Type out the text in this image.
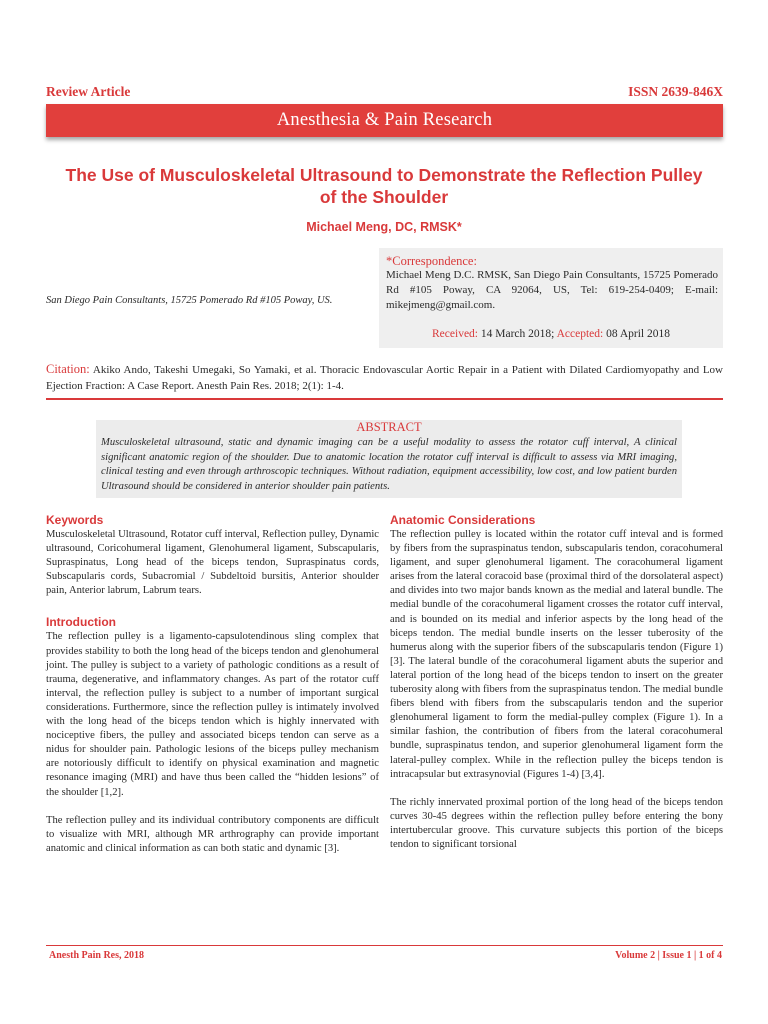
Review Article	ISSN 2639-846X
Anesthesia & Pain Research
The Use of Musculoskeletal Ultrasound to Demonstrate the Reflection Pulley of the Shoulder
Michael Meng, DC, RMSK*
San Diego Pain Consultants, 15725 Pomerado Rd #105 Poway, US.
*Correspondence:
Michael Meng D.C. RMSK, San Diego Pain Consultants, 15725 Pomerado Rd #105 Poway, CA 92064, US, Tel: 619-254-0409; E-mail: mikejmeng@gmail.com.
Received: 14 March 2018; Accepted: 08 April 2018
Citation: Akiko Ando, Takeshi Umegaki, So Yamaki, et al. Thoracic Endovascular Aortic Repair in a Patient with Dilated Cardiomyopathy and Low Ejection Fraction: A Case Report. Anesth Pain Res. 2018; 2(1): 1-4.
ABSTRACT
Musculoskeletal ultrasound, static and dynamic imaging can be a useful modality to assess the rotator cuff interval, A clinical significant anatomic region of the shoulder. Due to anatomic location the rotator cuff interval is difficult to assess via MRI imaging, clinical testing and even through arthroscopic techniques. Without radiation, equipment accessibility, low cost, and low patient burden Ultrasound should be considered in anterior shoulder pain patients.
Keywords
Musculoskeletal Ultrasound, Rotator cuff interval, Reflection pulley, Dynamic ultrasound, Coricohumeral ligament, Glenohumeral ligament, Subscapularis, Supraspinatus, Long head of the biceps tendon, Supraspinatus cords, Subscapularis cords, Subacromial / Subdeltoid bursitis, Anterior shoulder pain, Anterior labrum, Labrum tears.
Introduction
The reflection pulley is a ligamento-capsulotendinous sling complex that provides stability to both the long head of the biceps tendon and glenohumeral joint. The pulley is subject to a variety of pathologic conditions as a result of trauma, degenerative, and inflammatory changes. As part of the rotator cuff interval, the reflection pulley is subject to a number of important surgical considerations. Furthermore, since the reflection pulley is intimately involved with the long head of the biceps tendon which is highly innervated with nociceptive fibers, the pulley and associated biceps tendon can serve as a nidus for shoulder pain. Pathologic lesions of the biceps pulley mechanism are notoriously difficult to identify on physical examination and magnetic resonance imaging (MRI) and have thus been called the “hidden lesions” of the shoulder [1,2].
The reflection pulley and its individual contributory components are difficult to visualize with MRI, although MR arthrography can provide important anatomic and clinical information as can both static and dynamic [3].
Anatomic Considerations
The reflection pulley is located within the rotator cuff inteval and is formed by fibers from the supraspinatus tendon, subscapularis tendon, coracohumeral ligament, and super glenohumeral ligament. The coracohumeral ligament arises from the lateral coracoid base (proximal third of the dorsolateral aspect) and divides into two major bands known as the medial and lateral bundle. The medial bundle of the coracohumeral ligament crosses the rotator cuff interval, and is bounded on its medial and inferior aspects by the long head of the biceps tendon. The medial bundle inserts on the lesser tuberosity of the humerus along with the superior fibers of the subscapularis tendon (Figure 1) [3]. The lateral bundle of the coracohumeral ligament abuts the superior and lateral portion of the long head of the biceps tendon to insert on the greater tuberosity along with fibers from the supraspinatus tendon. The medial bundle fibers blend with fibers from the subscapularis tendon and the superior glenohumeral ligament to form the medial-pulley complex (Figure 1). In a similar fashion, the contribution of fibers from the lateral coracohumeral bundle, supraspinatus tendon, and superior glenohumeral ligament form the lateral-pulley complex. While in the reflection pulley the biceps tendon is intracapsular but extrasynovial (Figures 1-4) [3,4].
The richly innervated proximal portion of the long head of the biceps tendon curves 30-45 degrees within the reflection pulley before entering the bony intertubercular groove. This curvature subjects this portion of the biceps tendon to significant torsional
Anesth Pain Res, 2018	Volume 2 | Issue 1 | 1 of 4
